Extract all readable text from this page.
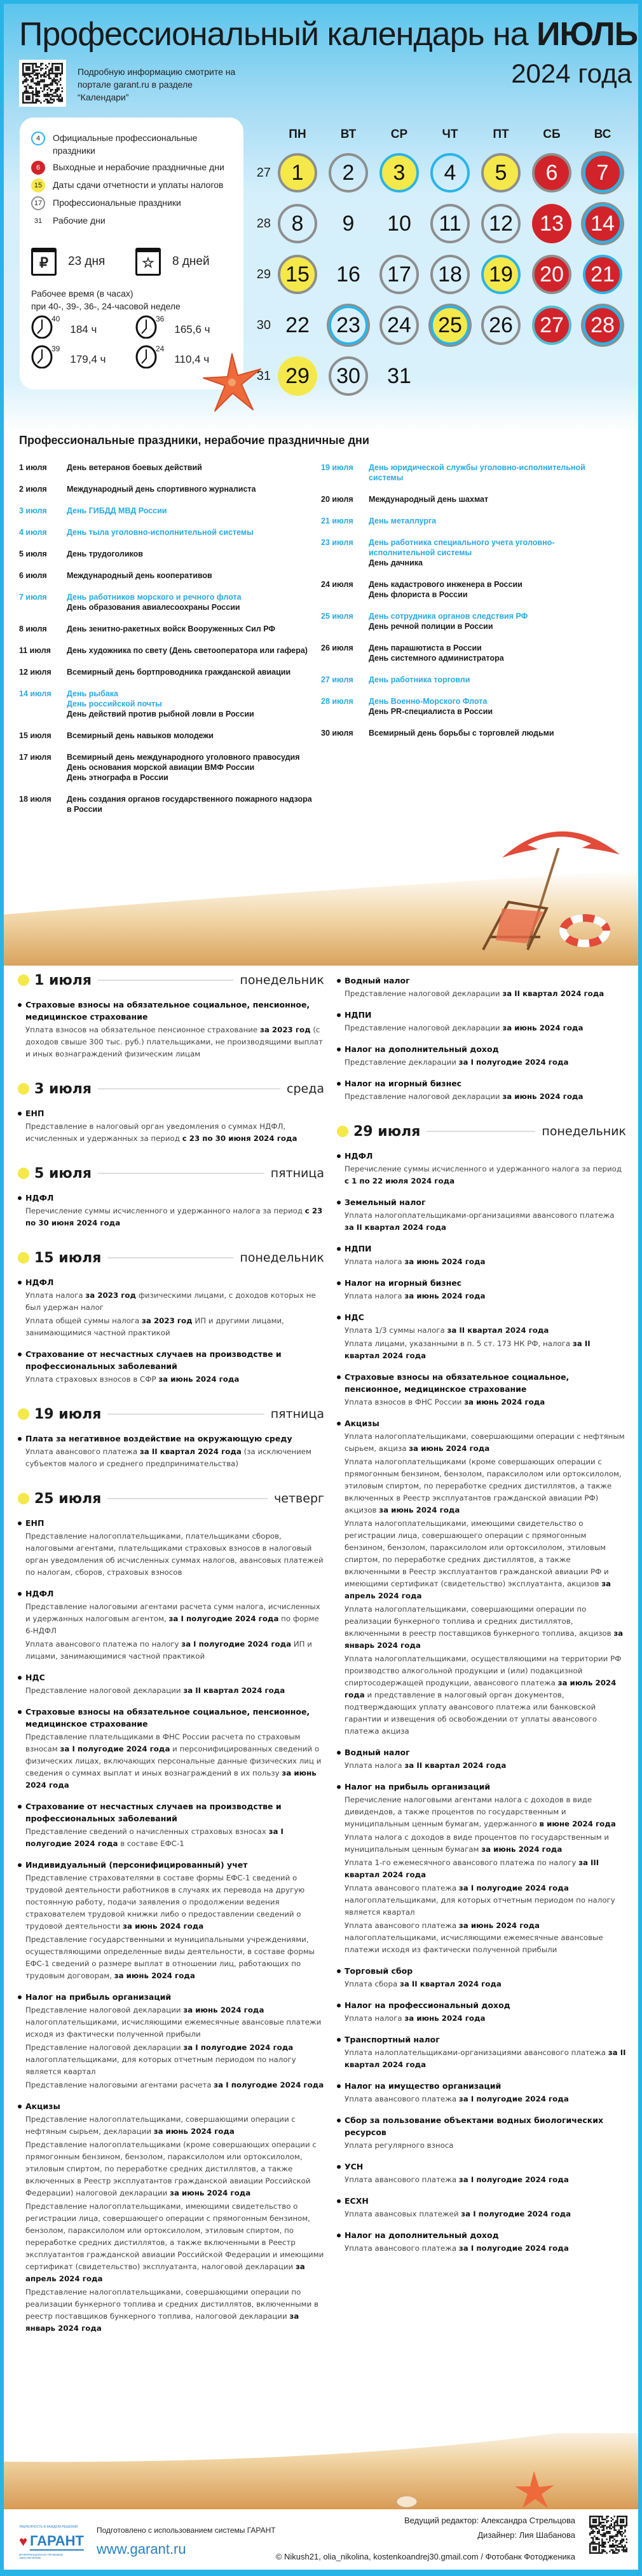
Профессиональный календарь на ИЮЛЬ
2024 года
Подробную информацию смотрите на портале garant.ru в разделе “Календари”
4	Официальные профессиональные праздники
6	Выходные и нерабочие праздничные дни
15	Даты сдачи отчетности и уплаты налогов
17	Профессиональные праздники
31	Рабочие дни
₽	23 дня	☆	8 дней
Рабочее время (в часах)
при 40-, 39-, 36-, 24-часовой неделе
40
184 ч
36
165,6 ч
39
179,4 ч
24
110,4 ч
ПН	ВТ	СР	ЧТ	ПТ	СБ	ВС
27 1	2	3	4	5	6	7
28 8	9	10	11	12	13	14
29 15	16	17	18	19	20	21
30 22	23	24	25	26	27	28
31 29	30	31
Профессиональные праздники, нерабочие праздничные дни
1 июля	День ветеранов боевых действий
2 июля	Международный день спортивного журналиста
3 июля	День ГИБДД МВД России
4 июля	День тыла уголовно-исполнительной системы
5 июля	День трудоголиков
6 июля	Международный день кооперативов
7 июля	День работников морского и речного флота
День образования авиалесоохраны России
8 июля	День зенитно-ракетных войск Вооруженных Сил РФ
11 июля	День художника по свету (День светооператора или гафера)
12 июля	Всемирный день бортпроводника гражданской авиации
14 июля	День рыбака
День российской почты
День действий против рыбной ловли в России
15 июля	Всемирный день навыков молодежи
17 июля	Всемирный день международного уголовного правосудия
День основания морской авиации ВМФ России
День этнографа в России
18 июля	День создания органов государственного пожарного надзора в России
19 июля	День юридической службы уголовно-исполнительной системы
20 июля	Международный день шахмат
21 июля	День металлурга
23 июля	День работника специального учета уголовно-исполнительной системы
День дачника
24 июля	День кадастрового инженера в России
День флориста в России
25 июля	День сотрудника органов следствия РФ
День речной полиции в России
26 июля	День парашютиста в России
День системного администратора
27 июля	День работника торговли
28 июля	День Военно-Морского Флота
День PR-специалиста в России
30 июля	Всемирный день борьбы с торговлей людьми
1 июля	понедельник
Страховые взносы на обязательное социальное, пенсионное, медицинское страхование

Уплата взносов на обязательное пенсионное страхование за 2023 год (с доходов свыше 300 тыс. руб.) плательщиками, не производящими выплат и иных вознаграждений физическим лицам

3 июля	среда
ЕНП

Представление в налоговый орган уведомления о суммах НДФЛ, исчисленных и удержанных за период с 23 по 30 июня 2024 года

5 июля	пятница
НДФЛ

Перечисление суммы исчисленного и удержанного налога за период с 23 по 30 июня 2024 года

15 июля	понедельник
НДФЛ

Уплата налога за 2023 год физическими лицами, с доходов которых не был удержан налог

Уплата общей суммы налога за 2023 год ИП и другими лицами, занимающимися частной практикой

Страхование от несчастных случаев на производстве и профессиональных заболеваний

Уплата страховых взносов в СФР за июнь 2024 года

19 июля	пятница
Плата за негативное воздействие на окружающую среду

Уплата авансового платежа за II квартал 2024 года (за исключением субъектов малого и среднего предпринимательства)

25 июля	четверг
ЕНП

Представление налогоплательщиками, плательщиками сборов, налоговыми агентами, плательщиками страховых взносов в налоговый орган уведомления об исчисленных суммах налогов, авансовых платежей по налогам, сборов, страховых взносов

НДФЛ

Представление налоговыми агентами расчета сумм налога, исчисленных и удержанных налоговым агентом, за I полугодие 2024 года по форме 6-НДФЛ

Уплата авансового платежа по налогу за I полугодие 2024 года ИП и лицами, занимающимися частной практикой

НДС

Представление налоговой декларации за II квартал 2024 года

Страховые взносы на обязательное социальное, пенсионное, медицинское страхование

Представление плательщиками в ФНС России расчета по страховым взносам за I полугодие 2024 года и персонифицированных сведений о физических лицах, включающих персональные данные физических лиц и сведения о суммах выплат и иных вознаграждений в их пользу за июнь 2024 года

Страхование от несчастных случаев на производстве и профессиональных заболеваний

Представление сведений о начисленных страховых взносах за I полугодие 2024 года в составе ЕФС-1

Индивидуальный (персонифицированный) учет

Представление страхователями в составе формы ЕФС-1 сведений о трудовой деятельности работников в случаях их перевода на другую постоянную работу, подачи заявления о продолжении ведения страхователем трудовой книжки либо о предоставлении сведений о трудовой деятельности за июнь 2024 года

Представление государственными и муниципальными учреждениями, осуществляющими определенные виды деятельности, в составе формы ЕФС-1 сведений о размере выплат в отношении лиц, работающих по трудовым договорам, за июнь 2024 года

Налог на прибыль организаций

Представление налоговой декларации за июнь 2024 года налогоплательщиками, исчисляющими ежемесячные авансовые платежи исходя из фактически полученной прибыли

Представление налоговой декларации за I полугодие 2024 года налогоплательщиками, для которых отчетным периодом по налогу является квартал

Представление налоговыми агентами расчета за I полугодие 2024 года

Акцизы

Представление налогоплательщиками, совершающими операции с нефтяным сырьем, декларации за июнь 2024 года

Представление налогоплательщиками (кроме совершающих операции с прямогонным бензином, бензолом, параксилолом или ортоксилолом, этиловым спиртом, по переработке средних дистиллятов, а также включенных в Реестр эксплуатантов гражданской авиации Российской Федерации) налоговой декларации за июнь 2024 года

Представление налогоплательщиками, имеющими свидетельство о регистрации лица, совершающего операции с прямогонным бензином, бензолом, параксилолом или ортоксилолом, этиловым спиртом, по переработке средних дистиллятов, а также включенными в Реестр эксплуатантов гражданской авиации Российской Федерации и имеющими сертификат (свидетельство) эксплуатанта, налоговой декларации за апрель 2024 года

Представление налогоплательщиками, совершающими операции по реализации бункерного топлива и средних дистиллятов, включенными в реестр поставщиков бункерного топлива, налоговой декларации за январь 2024 года

Водный налог

Представление налоговой декларации за II квартал 2024 года

НДПИ

Представление налоговой декларации за июнь 2024 года

Налог на дополнительный доход

Представление декларации за I полугодие 2024 года

Налог на игорный бизнес

Представление налоговой декларации за июнь 2024 года

29 июля	понедельник
НДФЛ

Перечисление суммы исчисленного и удержанного налога за период с 1 по 22 июля 2024 года

Земельный налог

Уплата налогоплательщиками-организациями авансового платежа за II квартал 2024 года

НДПИ

Уплата налога за июнь 2024 года

Налог на игорный бизнес

Уплата налога за июнь 2024 года

НДС

Уплата 1/3 суммы налога за II квартал 2024 года

Уплата лицами, указанными в п. 5 ст. 173 НК РФ, налога за II квартал 2024 года

Страховые взносы на обязательное социальное, пенсионное, медицинское страхование

Уплата взносов в ФНС России за июнь 2024 года

Акцизы

Уплата налогоплательщиками, совершающими операции с нефтяным сырьем, акциза за июнь 2024 года

Уплата налогоплательщиками (кроме совершающих операции с прямогонным бензином, бензолом, параксилолом или ортоксилолом, этиловым спиртом, по переработке средних дистиллятов, а также включенных в Реестр эксплуатантов гражданской авиации РФ) акцизов за июнь 2024 года

Уплата налогоплательщиками, имеющими свидетельство о регистрации лица, совершающего операции с прямогонным бензином, бензолом, параксилолом или ортоксилолом, этиловым спиртом, по переработке средних дистиллятов, а также включенными в Реестр эксплуатантов гражданской авиации РФ и имеющими сертификат (свидетельство) эксплуатанта, акцизов за апрель 2024 года

Уплата налогоплательщиками, совершающими операции по реализации бункерного топлива и средних дистиллятов, включенными в реестр поставщиков бункерного топлива, акцизов за январь 2024 года

Уплата налогоплательщиками, осуществляющими на территории РФ производство алкогольной продукции и (или) подакцизной спиртосодержащей продукции, авансового платежа за июль 2024 года и представление в налоговый орган документов, подтверждающих уплату авансового платежа или банковской гарантии и извещения об освобождении от уплаты авансового платежа акциза

Водный налог

Уплата налога за II квартал 2024 года

Налог на прибыль организаций

Перечисление налоговыми агентами налога с доходов в виде дивидендов, а также процентов по государственным и муниципальным ценным бумагам, удержанного в июне 2024 года

Уплата налога с доходов в виде процентов по государственным и муниципальным ценным бумагам за июнь 2024 года

Уплата 1-го ежемесячного авансового платежа по налогу за III квартал 2024 года

Уплата авансового платежа за I полугодие 2024 года налогоплательщиками, для которых отчетным периодом по налогу является квартал

Уплата авансового платежа за июнь 2024 года налогоплательщиками, исчисляющими ежемесячные авансовые платежи исходя из фактически полученной прибыли

Торговый сбор

Уплата сбора за II квартал 2024 года

Налог на профессиональный доход

Уплата налога за июнь 2024 года

Транспортный налог

Уплата налоплательщиками-организациями авансового платежа за II квартал 2024 года

Налог на имущество организаций

Уплата авансового платежа за I полугодие 2024 года

Сбор за пользование объектами водных биологических ресурсов

Уплата регулярного взноса

УСН

Уплата авансового платежа за I полугодие 2024 года

ЕСХН

Уплата авансовых платежей за I полугодие 2024 года

Налог на дополнительный доход

Уплата авансового платежа за I полугодие 2024 года

УВЕРЕННОСТЬ В КАЖДОМ РЕШЕНИИ
♥ ГАРАНТ
ИНФОРМАЦИОННО-ПРАВОВОЕ ОБЕСПЕЧЕНИЕ
Подготовлено с использованием системы ГАРАНТ
www.garant.ru
Ведущий редактор: Александра Стрельцова
Дизайнер: Лия Шабанова
© Nikush21, olia_nikolina, kostenkoandrej30.gmail.com / Фотобанк Фотодженика
